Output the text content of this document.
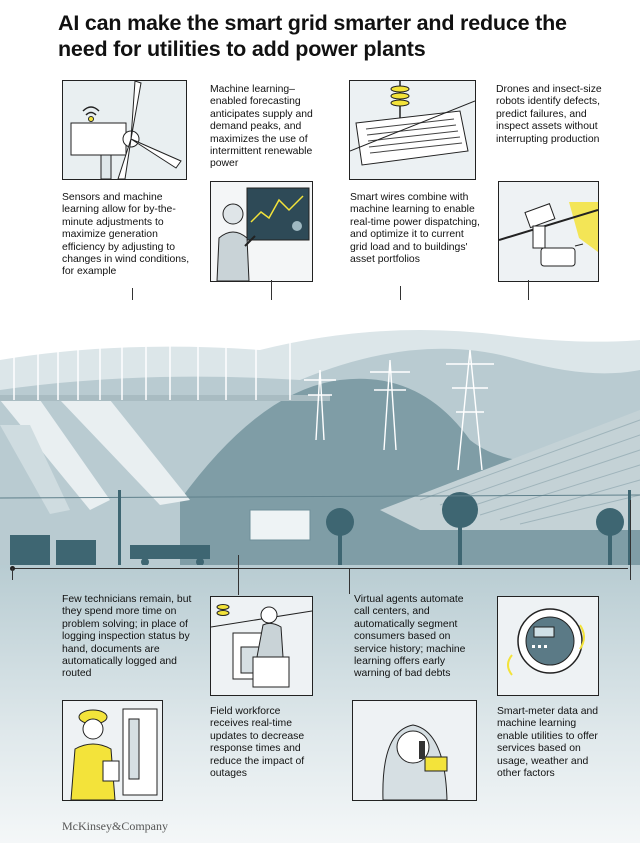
AI can make the smart grid smarter and reduce the need for utilities to add power plants
Sensors and machine learning allow for by-the-minute adjustments to maximize generation efficiency by adjusting to changes in wind conditions, for example
Machine learning–enabled forecasting anticipates supply and demand peaks, and maximizes the use of intermittent renewable power
Smart wires combine with machine learning to enable real-time power dispatching, and optimize it to current grid load and to buildings' asset portfolios
Drones and insect-size robots identify defects, predict failures, and inspect assets without interrupting production
Few technicians remain, but they spend more time on problem solving; in place of logging inspection status by hand, documents are automatically logged and routed
Field workforce receives real-time updates to decrease response times and reduce the impact of outages
Virtual agents automate call centers, and automatically segment consumers based on service history; machine learning offers early warning of bad debts
Smart-meter data and machine learning enable utilities to offer services based on usage, weather and other factors
McKinsey&Company
